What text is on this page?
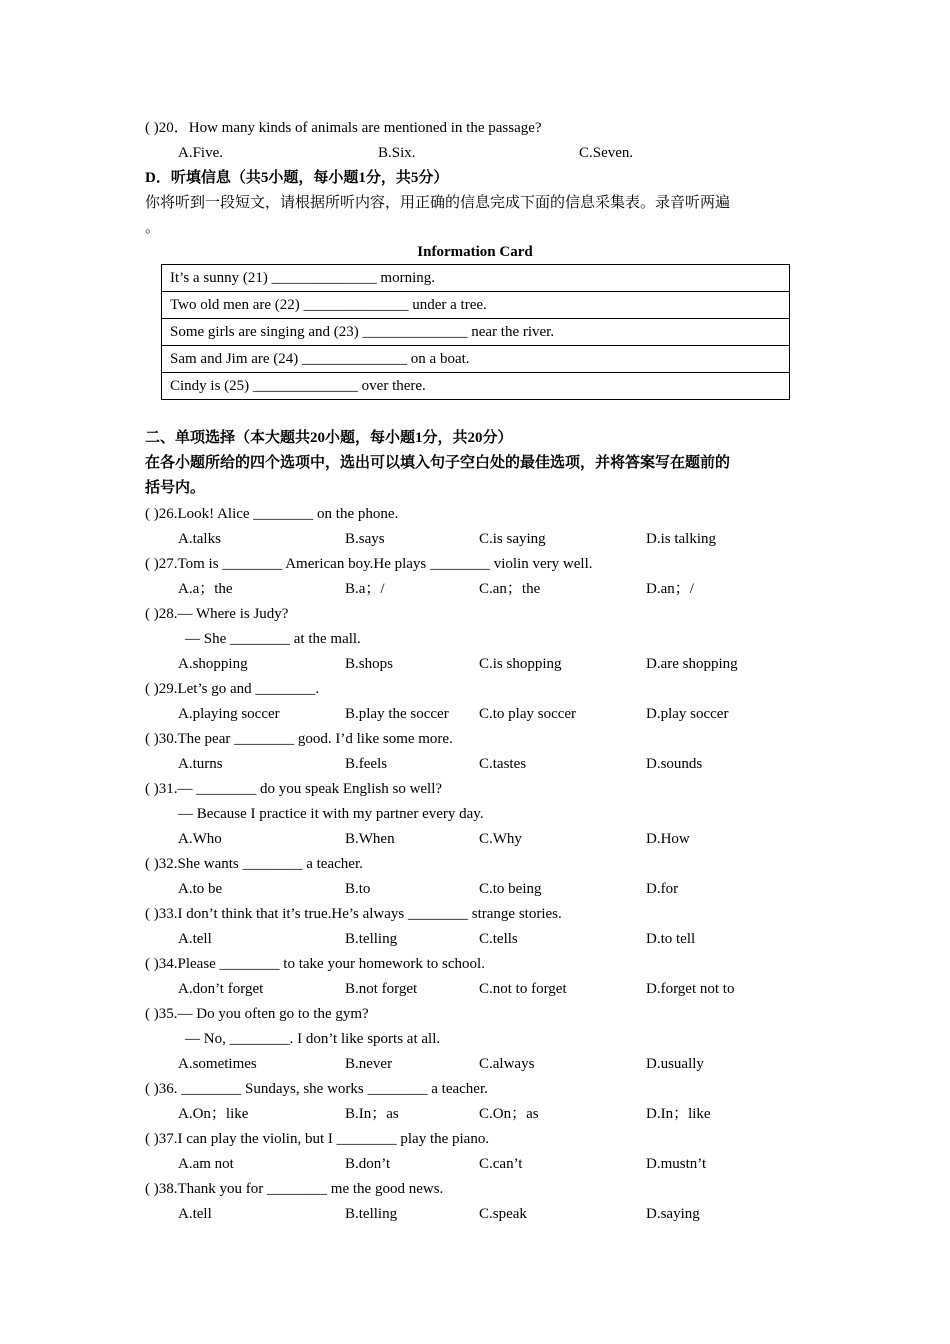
( )20．How many kinds of animals are mentioned in the passage?
A.Five.	B.Six.	C.Seven.
D．听填信息（共5小题，每小题1分，共5分）
你将听到一段短文，请根据所听内容，用正确的信息完成下面的信息采集表。录音听两遍
。
Information Card
It’s a sunny (21) ______________ morning.
Two old men are (22) ______________ under a tree.
Some girls are singing and (23) ______________ near the river.
Sam and Jim are (24) ______________ on a boat.
Cindy is (25) ______________ over there.
二、单项选择（本大题共20小题，每小题1分，共20分）
在各小题所给的四个选项中，选出可以填入句子空白处的最佳选项，并将答案写在题前的
括号内。
( )26.Look! Alice ________ on the phone.
A.talks	B.says	C.is saying	D.is talking
( )27.Tom is ________ American boy.He plays ________ violin very well.
A.a；the	B.a；/	C.an；the	D.an；/
( )28.— Where is Judy?
— She ________ at the mall.
A.shopping	B.shops	C.is shopping	D.are shopping
( )29.Let’s go and ________.
A.playing soccer	B.play the soccer C.to play soccer	D.play soccer
( )30.The pear ________ good. I’d like some more.
A.turns	B.feels	C.tastes	D.sounds
( )31.— ________ do you speak English so well?
— Because I practice it with my partner every day.
A.Who	B.When	C.Why	D.How
( )32.She wants ________ a teacher.
A.to be	B.to	C.to being	D.for
( )33.I don’t think that it’s true.He’s always ________ strange stories.
A.tell	B.telling	C.tells	D.to tell
( )34.Please ________ to take your homework to school.
A.don’t forget	B.not forget	C.not to forget	D.forget not to
( )35.— Do you often go to the gym?
— No, ________. I don’t like sports at all.
A.sometimes	B.never	C.always	D.usually
( )36. ________ Sundays, she works ________ a teacher.
A.On；like	B.In；as	C.On；as	D.In；like
( )37.I can play the violin, but I ________ play the piano.
A.am not	B.don’t	C.can’t	D.mustn’t
( )38.Thank you for ________ me the good news.
A.tell	B.telling	C.speak	D.saying
